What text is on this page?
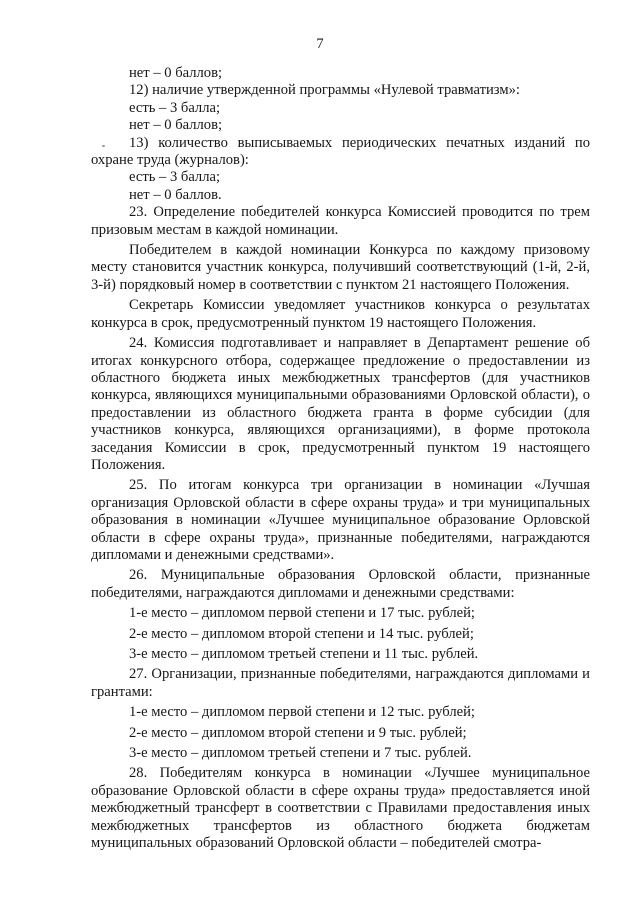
7

нет – 0 баллов;

12) наличие утвержденной программы «Нулевой травматизм»:

есть – 3 балла;

нет – 0 баллов;

13) количество выписываемых периодических печатных изданий по охране труда (журналов):

есть – 3 балла;

нет – 0 баллов.

23. Определение победителей конкурса Комиссией проводится по трем призовым местам в каждой номинации.

Победителем в каждой номинации Конкурса по каждому призовому месту становится участник конкурса, получивший соответствующий (1-й, 2-й, 3-й) порядковый номер в соответствии с пунктом 21 настоящего Положения.

Секретарь Комиссии уведомляет участников конкурса о результатах конкурса в срок, предусмотренный пунктом 19 настоящего Положения.

24. Комиссия подготавливает и направляет в Департамент решение об итогах конкурсного отбора, содержащее предложение о предоставлении из областного бюджета иных межбюджетных трансфертов (для участников конкурса, являющихся муниципальными образованиями Орловской области), о предоставлении из областного бюджета гранта в форме субсидии (для участников конкурса, являющихся организациями), в форме протокола заседания Комиссии в срок, предусмотренный пунктом 19 настоящего Положения.

25. По итогам конкурса три организации в номинации «Лучшая организация Орловской области в сфере охраны труда» и три муниципальных образования в номинации «Лучшее муниципальное образование Орловской области в сфере охраны труда», признанные победителями, награждаются дипломами и денежными средствами».

26. Муниципальные образования Орловской области, признанные победителями, награждаются дипломами и денежными средствами:

1-е место – дипломом первой степени и 17 тыс. рублей;

2-е место – дипломом второй степени и 14 тыс. рублей;

3-е место – дипломом третьей степени и 11 тыс. рублей.

27. Организации, признанные победителями, награждаются дипломами и грантами:

1-е место – дипломом первой степени и 12 тыс. рублей;

2-е место – дипломом второй степени и 9 тыс. рублей;

3-е место – дипломом третьей степени и 7 тыс. рублей.

28. Победителям конкурса в номинации «Лучшее муниципальное образование Орловской области в сфере охраны труда» предоставляется иной межбюджетный трансферт в соответствии с Правилами предоставления иных межбюджетных трансфертов из областного бюджета бюджетам муниципальных образований Орловской области – победителей смотра-
